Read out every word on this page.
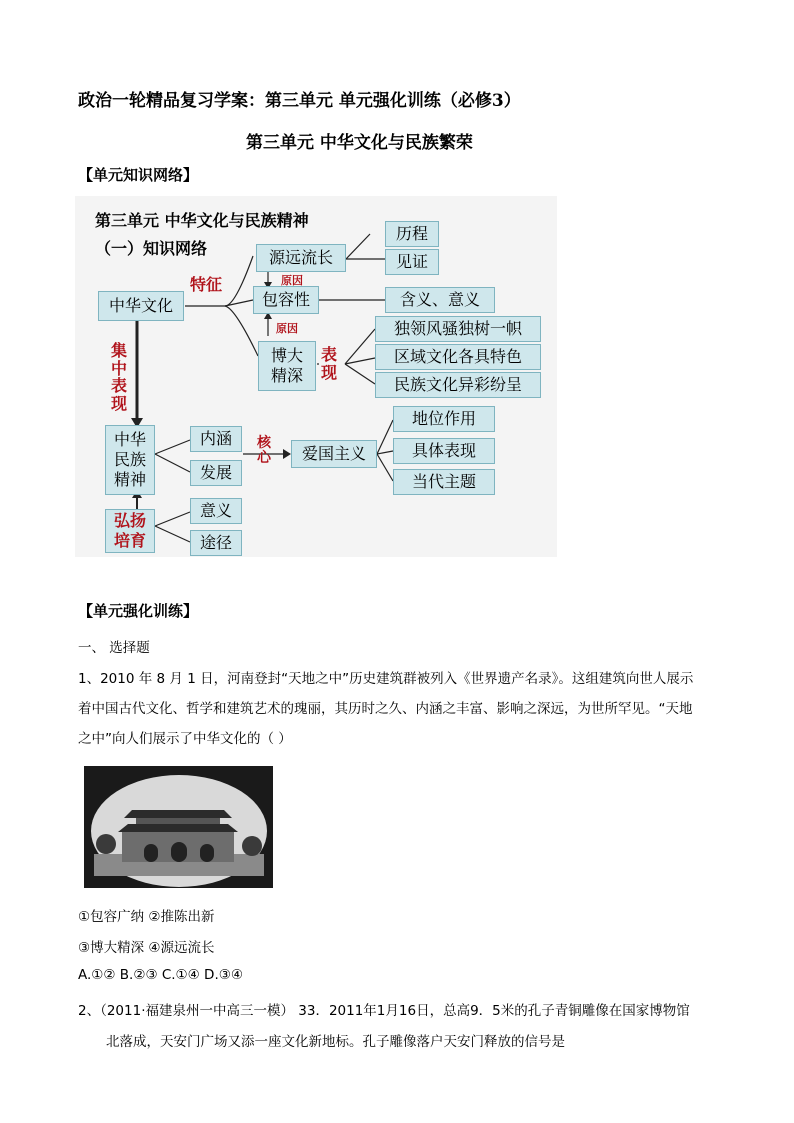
政治一轮精品复习学案：第三单元 单元强化训练（必修3）
第三单元 中华文化与民族繁荣
【单元知识网络】
第三单元 中华文化与民族精神
（一）知识网络
中华文化
源远流长
包容性
博大
精深
历程
见证
含义、意义
独领风骚独树一帜
区域文化各具特色
民族文化异彩纷呈
中华
民族
精神
内涵
发展
意义
途径
弘扬
培育
爱国主义
地位作用
具体表现
当代主题
特征	原因
原因
表
现
集
中
表
现
核
心
【单元强化训练】
一、 选择题
1、2010 年 8 月 1 日，河南登封“天地之中”历史建筑群被列入《世界遗产名录》。这组建筑向世人展示
着中国古代文化、哲学和建筑艺术的瑰丽，其历时之久、内涵之丰富、影响之深远，为世所罕见。“天地
之中”向人们展示了中华文化的（ ）
①包容广纳 ②推陈出新
③博大精深 ④源远流长
A.①② B.②③ C.①④ D.③④
2、（2011·福建泉州一中高三一模） 33．2011年1月16日，总高9．5米的孔子青铜雕像在国家博物馆
北落成，天安门广场又添一座文化新地标。孔子雕像落户天安门释放的信号是
